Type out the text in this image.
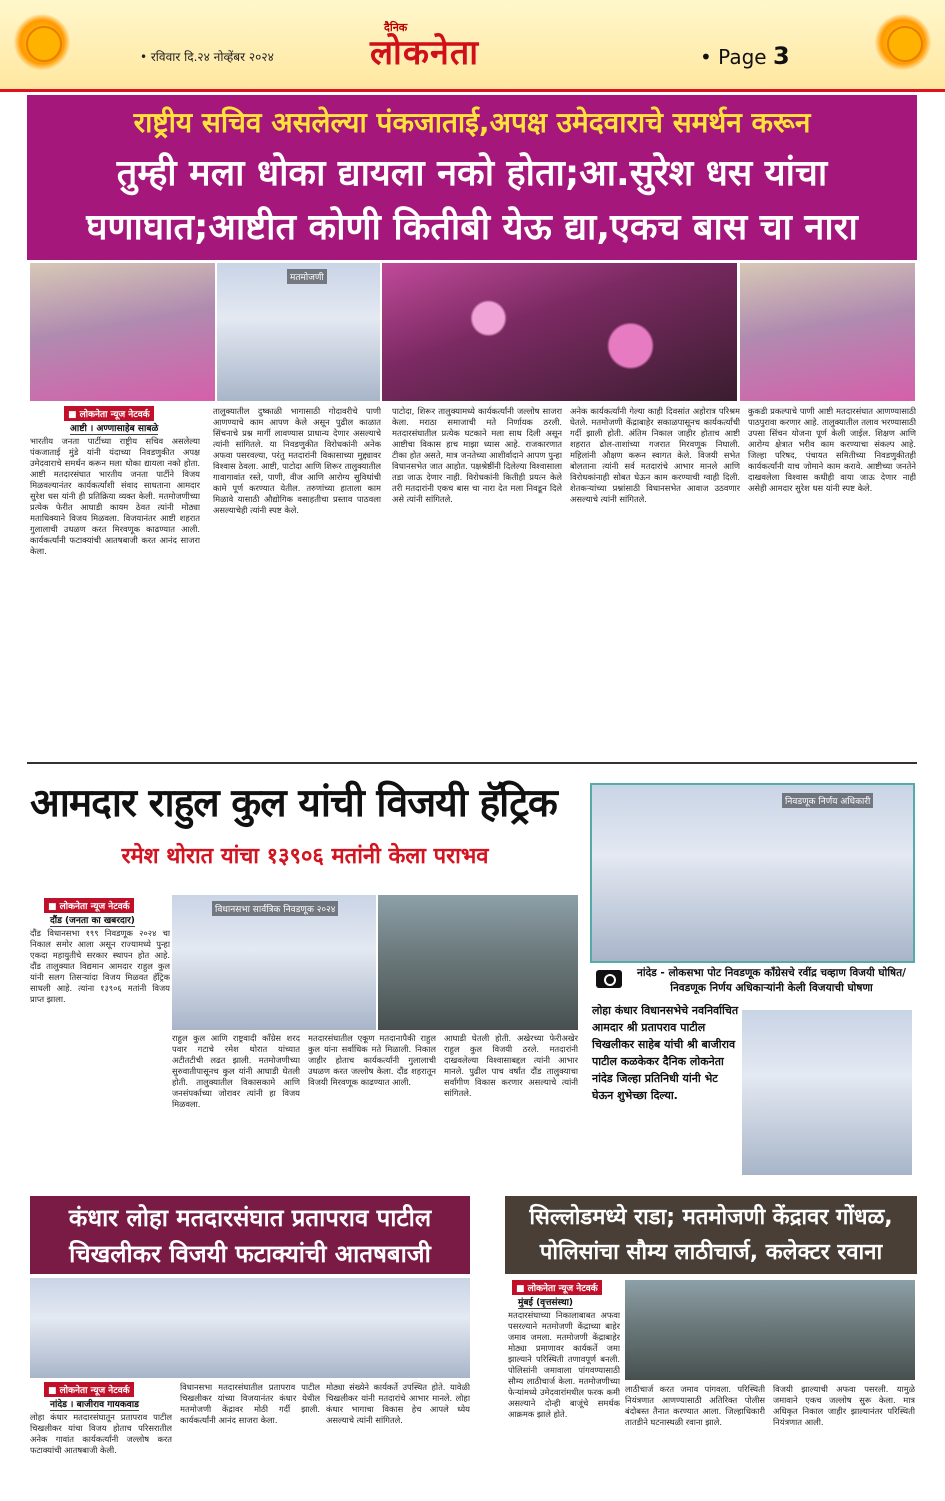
• रविवार दि.२४ नोव्हेंबर २०२४
दैनिक
लोकनेता	• Page 3
राष्ट्रीय सचिव असलेल्या पंकजाताई,अपक्ष उमेदवाराचे समर्थन करून
तुम्ही मला धोका द्यायला नको होता;आ.सुरेश धस यांचा
घणाघात;आष्टीत कोणी कितीबी येऊ द्या,एकच बास चा नारा
मतमोजणी
■ लोकनेता न्यूज नेटवर्क
आष्टी । अण्णासाहेब साबळे
भारतीय जनता पार्टीच्या राष्ट्रीय सचिव असलेल्या पंकजाताई मुंडे यांनी यंदाच्या निवडणुकीत अपक्ष उमेदवाराचे समर्थन करून मला धोका द्यायला नको होता. आष्टी मतदारसंघात भारतीय जनता पार्टीने विजय मिळवल्यानंतर कार्यकर्त्यांशी संवाद साधताना आमदार सुरेश धस यांनी ही प्रतिक्रिया व्यक्त केली. मतमोजणीच्या प्रत्येक फेरीत आघाडी कायम ठेवत त्यांनी मोठ्या मताधिक्याने विजय मिळवला. विजयानंतर आष्टी शहरात गुलालाची उधळण करत मिरवणूक काढण्यात आली. कार्यकर्त्यांनी फटाक्यांची आतषबाजी करत आनंद साजरा केला.
तालुक्यातील दुष्काळी भागासाठी गोदावरीचे पाणी आणण्याचे काम आपण केले असून पुढील काळात सिंचनाचे प्रश्न मार्गी लावण्यास प्राधान्य देणार असल्याचे त्यांनी सांगितले. या निवडणुकीत विरोधकांनी अनेक अफवा पसरवल्या, परंतु मतदारांनी विकासाच्या मुद्द्यावर विश्वास ठेवला. आष्टी, पाटोदा आणि शिरूर तालुक्यातील गावागावांत रस्ते, पाणी, वीज आणि आरोग्य सुविधांची कामे पूर्ण करण्यात येतील. तरुणांच्या हाताला काम मिळावे यासाठी औद्योगिक वसाहतीचा प्रस्ताव पाठवला असल्याचेही त्यांनी स्पष्ट केले.
पाटोदा, शिरूर तालुक्यामध्ये कार्यकर्त्यांनी जल्लोष साजरा केला. मराठा समाजाची मते निर्णायक ठरली. मतदारसंघातील प्रत्येक घटकाने मला साथ दिली असून आष्टीचा विकास हाच माझा ध्यास आहे. राजकारणात टीका होत असते, मात्र जनतेच्या आशीर्वादाने आपण पुन्हा विधानसभेत जात आहोत. पक्षश्रेष्ठींनी दिलेल्या विश्वासाला तडा जाऊ देणार नाही. विरोधकांनी कितीही प्रयत्न केले तरी मतदारांनी एकच बास चा नारा देत मला निवडून दिले असे त्यांनी सांगितले.
अनेक कार्यकर्त्यांनी गेल्या काही दिवसांत अहोरात्र परिश्रम घेतले. मतमोजणी केंद्राबाहेर सकाळपासूनच कार्यकर्त्यांची गर्दी झाली होती. अंतिम निकाल जाहीर होताच आष्टी शहरात ढोल-ताशांच्या गजरात मिरवणूक निघाली. महिलांनी औक्षण करून स्वागत केले. विजयी सभेत बोलताना त्यांनी सर्व मतदारांचे आभार मानले आणि विरोधकांनाही सोबत घेऊन काम करण्याची ग्वाही दिली. शेतकऱ्यांच्या प्रश्नांसाठी विधानसभेत आवाज उठवणार असल्याचे त्यांनी सांगितले.
कुकडी प्रकल्पाचे पाणी आष्टी मतदारसंघात आणण्यासाठी पाठपुरावा करणार आहे. तालुक्यातील तलाव भरण्यासाठी उपसा सिंचन योजना पूर्ण केली जाईल. शिक्षण आणि आरोग्य क्षेत्रात भरीव काम करण्याचा संकल्प आहे. जिल्हा परिषद, पंचायत समितीच्या निवडणुकीतही कार्यकर्त्यांनी याच जोमाने काम करावे. आष्टीच्या जनतेने दाखवलेला विश्वास कधीही वाया जाऊ देणार नाही असेही आमदार सुरेश धस यांनी स्पष्ट केले.
आमदार राहुल कुल यांची विजयी हॅट्रिक
रमेश थोरात यांचा १३९०६ मतांनी केला पराभव
■ लोकनेता न्यूज नेटवर्क
दौंड (जनता का खबरदार)
दौंड विधानसभा १९९ निवडणूक २०२४ चा निकाल समोर आला असून राज्यामध्ये पुन्हा एकदा महायुतीचे सरकार स्थापन होत आहे. दौंड तालुक्यात विद्यमान आमदार राहुल कुल यांनी सलग तिसऱ्यांदा विजय मिळवत हॅट्रिक साधली आहे. त्यांना १३९०६ मतांनी विजय प्राप्त झाला.
विधानसभा सार्वत्रिक निवडणूक २०२४
राहुल कुल आणि राष्ट्रवादी काँग्रेस शरद पवार गटाचे रमेश थोरात यांच्यात अटीतटीची लढत झाली. मतमोजणीच्या सुरुवातीपासूनच कुल यांनी आघाडी घेतली होती. तालुक्यातील विकासकामे आणि जनसंपर्काच्या जोरावर त्यांनी हा विजय मिळवला.
मतदारसंघातील एकूण मतदानापैकी राहुल कुल यांना सर्वाधिक मते मिळाली. निकाल जाहीर होताच कार्यकर्त्यांनी गुलालाची उधळण करत जल्लोष केला. दौंड शहरातून विजयी मिरवणूक काढण्यात आली.
आघाडी घेतली होती. अखेरच्या फेरीअखेर राहुल कुल विजयी ठरले. मतदारांनी दाखवलेल्या विश्वासाबद्दल त्यांनी आभार मानले. पुढील पाच वर्षांत दौंड तालुक्याचा सर्वांगीण विकास करणार असल्याचे त्यांनी सांगितले.
निवडणूक निर्णय अधिकारी
नांदेड - लोकसभा पोट निवडणूक काँग्रेसचे रवींद्र चव्हाण विजयी घोषित/निवडणूक निर्णय अधिकाऱ्यांनी केली विजयाची घोषणा
लोहा कंधार विधानसभेचे नवनिर्वाचित आमदार श्री प्रतापराव पाटील चिखलीकर साहेब यांची श्री बाजीराव पाटील कळकेकर दैनिक लोकनेता नांदेड जिल्हा प्रतिनिधी यांनी भेट घेऊन शुभेच्छा दिल्या.
कंधार लोहा मतदारसंघात प्रतापराव पाटील
चिखलीकर विजयी फटाक्यांची आतषबाजी
■ लोकनेता न्यूज नेटवर्क
नांदेड । बाजीराव गायकवाड
लोहा कंधार मतदारसंघातून प्रतापराव पाटील चिखलीकर यांचा विजय होताच परिसरातील अनेक गावांत कार्यकर्त्यांनी जल्लोष करत फटाक्यांची आतषबाजी केली.
विधानसभा मतदारसंघातील प्रतापराव पाटील चिखलीकर यांच्या विजयानंतर कंधार येथील मतमोजणी केंद्रावर मोठी गर्दी झाली. कार्यकर्त्यांनी आनंद साजरा केला.
मोठ्या संख्येने कार्यकर्ते उपस्थित होते. यावेळी चिखलीकर यांनी मतदारांचे आभार मानले. लोहा कंधार भागाचा विकास हेच आपले ध्येय असल्याचे त्यांनी सांगितले.
सिल्लोडमध्ये राडा; मतमोजणी केंद्रावर गोंधळ,
पोलिसांचा सौम्य लाठीचार्ज, कलेक्टर रवाना
■ लोकनेता न्यूज नेटवर्क
मुंबई (वृत्तसंस्था)
मतदारसंघाच्या निकालाबाबत अफवा पसरल्याने मतमोजणी केंद्राच्या बाहेर जमाव जमला. मतमोजणी केंद्राबाहेर मोठ्या प्रमाणावर कार्यकर्ते जमा झाल्याने परिस्थिती तणावपूर्ण बनली. पोलिसांनी जमावाला पांगवण्यासाठी सौम्य लाठीचार्ज केला. मतमोजणीच्या फेऱ्यांमध्ये उमेदवारांमधील फरक कमी असल्याने दोन्ही बाजूंचे समर्थक आक्रमक झाले होते.
लाठीचार्ज करत जमाव पांगवला. परिस्थिती नियंत्रणात आणण्यासाठी अतिरिक्त पोलीस बंदोबस्त तैनात करण्यात आला. जिल्हाधिकारी तातडीने घटनास्थळी रवाना झाले.
विजयी झाल्याची अफवा पसरली. यामुळे जमावाने एकच जल्लोष सुरू केला. मात्र अधिकृत निकाल जाहीर झाल्यानंतर परिस्थिती नियंत्रणात आली.
